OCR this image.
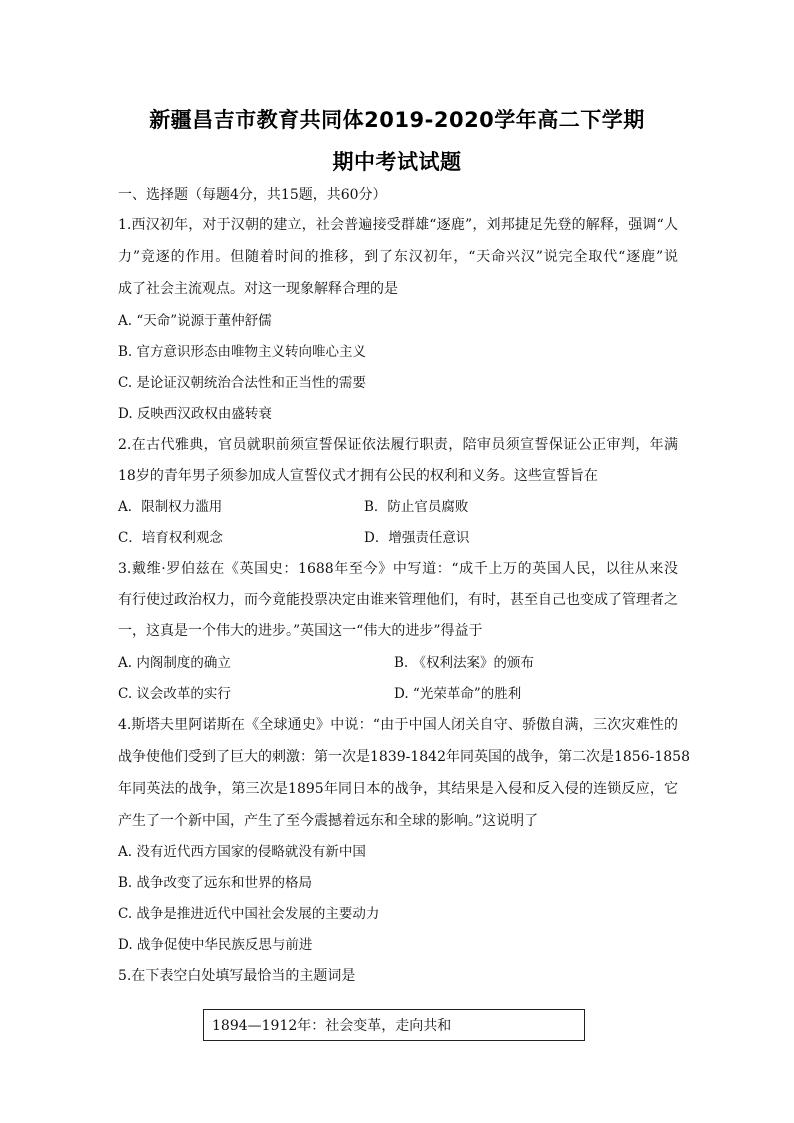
新疆昌吉市教育共同体2019-2020学年高二下学期
期中考试试题
一、选择题（每题4分，共15题，共60分）
1.西汉初年，对于汉朝的建立，社会普遍接受群雄“逐鹿”，刘邦捷足先登的解释，强调“人
力”竞逐的作用。但随着时间的推移，到了东汉初年，“天命兴汉”说完全取代“逐鹿”说
成了社会主流观点。对这一现象解释合理的是
A. “天命”说源于董仲舒儒
B. 官方意识形态由唯物主义转向唯心主义
C. 是论证汉朝统治合法性和正当性的需要
D. 反映西汉政权由盛转衰
2.在古代雅典，官员就职前须宣誓保证依法履行职责，陪审员须宣誓保证公正审判，年满
18岁的青年男子须参加成人宣誓仪式才拥有公民的权利和义务。这些宣誓旨在
A．限制权力滥用	B．防止官员腐败
C．培育权利观念	D．增强责任意识
3.戴维·罗伯兹在《英国史：1688年至今》中写道：“成千上万的英国人民，以往从来没
有行使过政治权力，而今竟能投票决定由谁来管理他们，有时，甚至自己也变成了管理者之
一，这真是一个伟大的进步。”英国这一“伟大的进步”得益于
A. 内阁制度的确立	B. 《权利法案》的颁布
C. 议会改革的实行	D. “光荣革命”的胜利
4.斯塔夫里阿诺斯在《全球通史》中说：“由于中国人闭关自守、骄傲自满，三次灾难性的
战争使他们受到了巨大的刺激：第一次是1839-1842年同英国的战争，第二次是1856-1858
年同英法的战争，第三次是1895年同日本的战争，其结果是入侵和反入侵的连锁反应，它
产生了一个新中国，产生了至今震撼着远东和全球的影响。”这说明了
A. 没有近代西方国家的侵略就没有新中国
B. 战争改变了远东和世界的格局
C. 战争是推进近代中国社会发展的主要动力
D. 战争促使中华民族反思与前进
5.在下表空白处填写最恰当的主题词是
1894—1912年：社会变革，走向共和
